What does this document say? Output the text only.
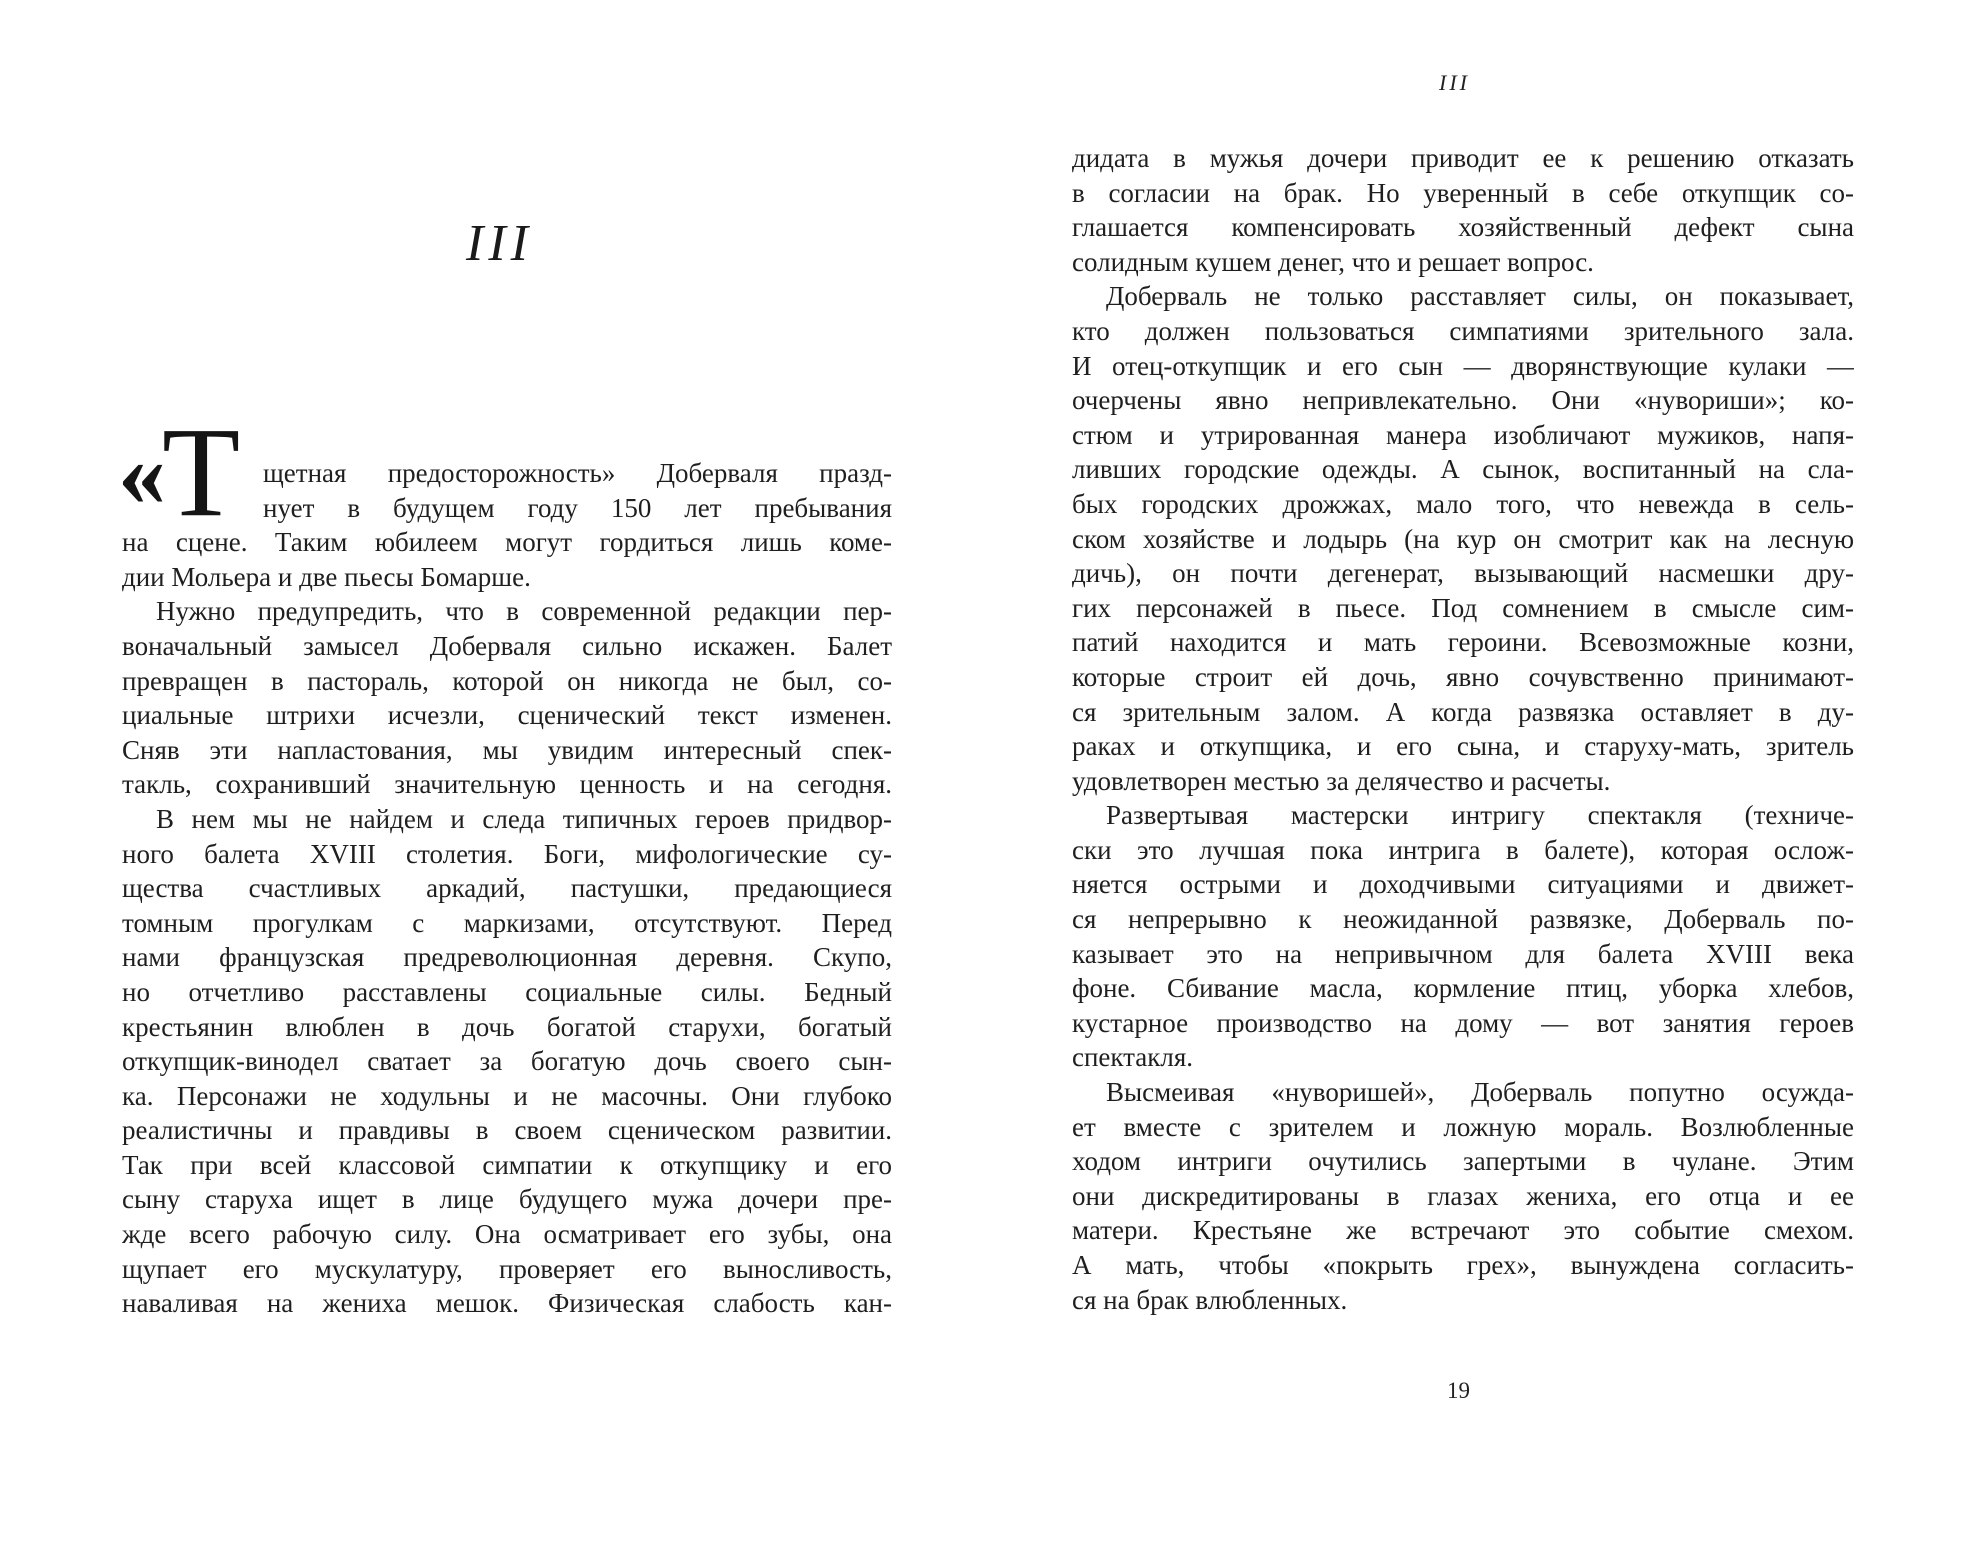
III
«Т щетная предосторожность» Доберваля празд-
нует в будущем году 150 лет пребывания
на сцене. Таким юбилеем могут гордиться лишь коме-
дии Мольера и две пьесы Бомарше.
Нужно предупредить, что в современной редакции пер-
воначальный замысел Доберваля сильно искажен. Балет
превращен в пастораль, которой он никогда не был, со-
циальные штрихи исчезли, сценический текст изменен.
Сняв эти напластования, мы увидим интересный спек-
такль, сохранивший значительную ценность и на сегодня.
В нем мы не найдем и следа типичных героев придвор-
ного балета XVIII столетия. Боги, мифологические су-
щества счастливых аркадий, пастушки, предающиеся
томным прогулкам с маркизами, отсутствуют. Перед
нами французская предреволюционная деревня. Скупо,
но отчетливо расставлены социальные силы. Бедный
крестьянин влюблен в дочь богатой старухи, богатый
откупщик-винодел сватает за богатую дочь своего сын-
ка. Персонажи не ходульны и не масочны. Они глубоко
реалистичны и правдивы в своем сценическом развитии.
Так при всей классовой симпатии к откупщику и его
сыну старуха ищет в лице будущего мужа дочери пре-
жде всего рабочую силу. Она осматривает его зубы, она
щупает его мускулатуру, проверяет его выносливость,
наваливая на жениха мешок. Физическая слабость кан-
III
дидата в мужья дочери приводит ее к решению отказать
в согласии на брак. Но уверенный в себе откупщик со-
глашается компенсировать хозяйственный дефект сына
солидным кушем денег, что и решает вопрос.
Доберваль не только расставляет силы, он показывает,
кто должен пользоваться симпатиями зрительного зала.
И отец-откупщик и его сын — дворянствующие кулаки —
очерчены явно непривлекательно. Они «нувориши»; ко-
стюм и утрированная манера изобличают мужиков, напя-
ливших городские одежды. А сынок, воспитанный на сла-
бых городских дрожжах, мало того, что невежда в сель-
ском хозяйстве и лодырь (на кур он смотрит как на лесную
дичь), он почти дегенерат, вызывающий насмешки дру-
гих персонажей в пьесе. Под сомнением в смысле сим-
патий находится и мать героини. Всевозможные козни,
которые строит ей дочь, явно сочувственно принимают-
ся зрительным залом. А когда развязка оставляет в ду-
раках и откупщика, и его сына, и старуху-мать, зритель
удовлетворен местью за делячество и расчеты.
Развертывая мастерски интригу спектакля (техниче-
ски это лучшая пока интрига в балете), которая ослож-
няется острыми и доходчивыми ситуациями и движет-
ся непрерывно к неожиданной развязке, Доберваль по-
казывает это на непривычном для балета XVIII века
фоне. Сбивание масла, кормление птиц, уборка хлебов,
кустарное производство на дому — вот занятия героев
спектакля.
Высмеивая «нуворишей», Доберваль попутно осужда-
ет вместе с зрителем и ложную мораль. Возлюбленные
ходом интриги очутились запертыми в чулане. Этим
они дискредитированы в глазах жениха, его отца и ее
матери. Крестьяне же встречают это событие смехом.
А мать, чтобы «покрыть грех», вынуждена согласить-
ся на брак влюбленных.
19
